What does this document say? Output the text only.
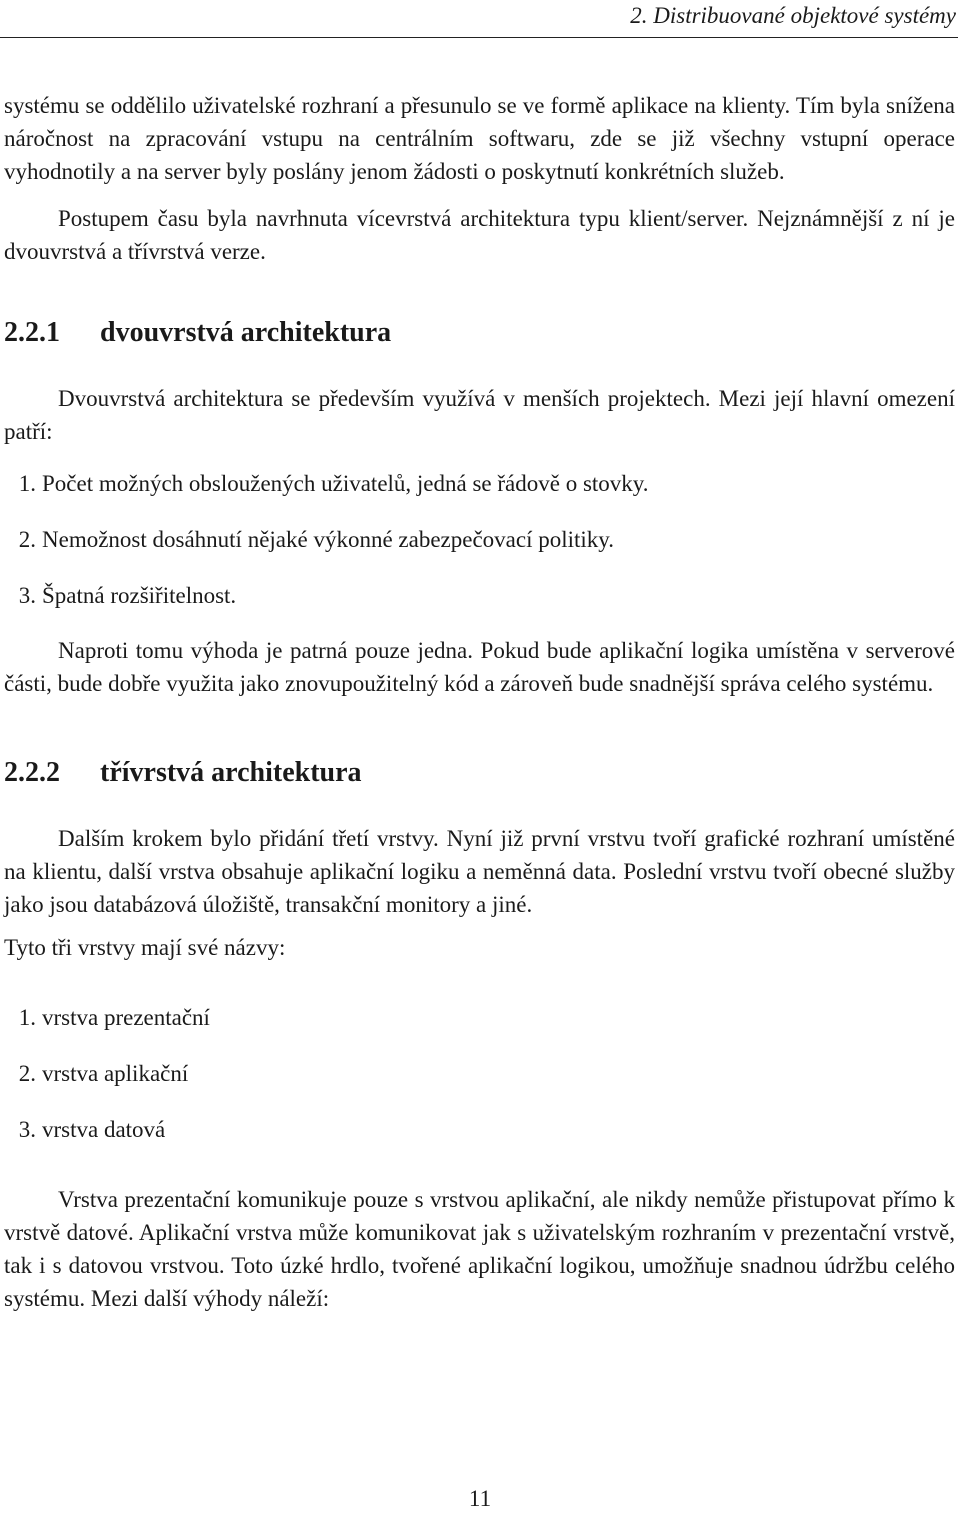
2. Distribuované objektové systémy

systému se oddělilo uživatelské rozhraní a přesunulo se ve formě aplikace na klienty. Tím byla snížena náročnost na zpracování vstupu na centrálním softwaru, zde se již všechny vstupní operace vyhodnotily a na server byly poslány jenom žádosti o poskytnutí konkrétních služeb.

Postupem času byla navrhnuta vícevrstvá architektura typu klient/server. Nejznámnější z ní je dvouvrstvá a třívrstvá verze.

2.2.1 dvouvrstvá architektura

Dvouvrstvá architektura se především využívá v menších projektech. Mezi její hlavní omezení patří:

1. Počet možných obsloužených uživatelů, jedná se řádově o stovky.
2. Nemožnost dosáhnutí nějaké výkonné zabezpečovací politiky.
3. Špatná rozšiřitelnost.

Naproti tomu výhoda je patrná pouze jedna. Pokud bude aplikační logika umístěna v serverové části, bude dobře využita jako znovupoužitelný kód a zároveň bude snadnější správa celého systému.

2.2.2 třívrstvá architektura

Dalším krokem bylo přidání třetí vrstvy. Nyní již první vrstvu tvoří grafické rozhraní umístěné na klientu, další vrstva obsahuje aplikační logiku a neměnná data. Poslední vrstvu tvoří obecné služby jako jsou databázová úložiště, transakční monitory a jiné.

Tyto tři vrstvy mají své názvy:

1. vrstva prezentační
2. vrstva aplikační
3. vrstva datová

Vrstva prezentační komunikuje pouze s vrstvou aplikační, ale nikdy nemůže přistupovat přímo k vrstvě datové. Aplikační vrstva může komunikovat jak s uživatelským rozhraním v prezentační vrstvě, tak i s datovou vrstvou. Toto úzké hrdlo, tvořené aplikační logikou, umožňuje snadnou údržbu celého systému. Mezi další výhody náleží:

11
